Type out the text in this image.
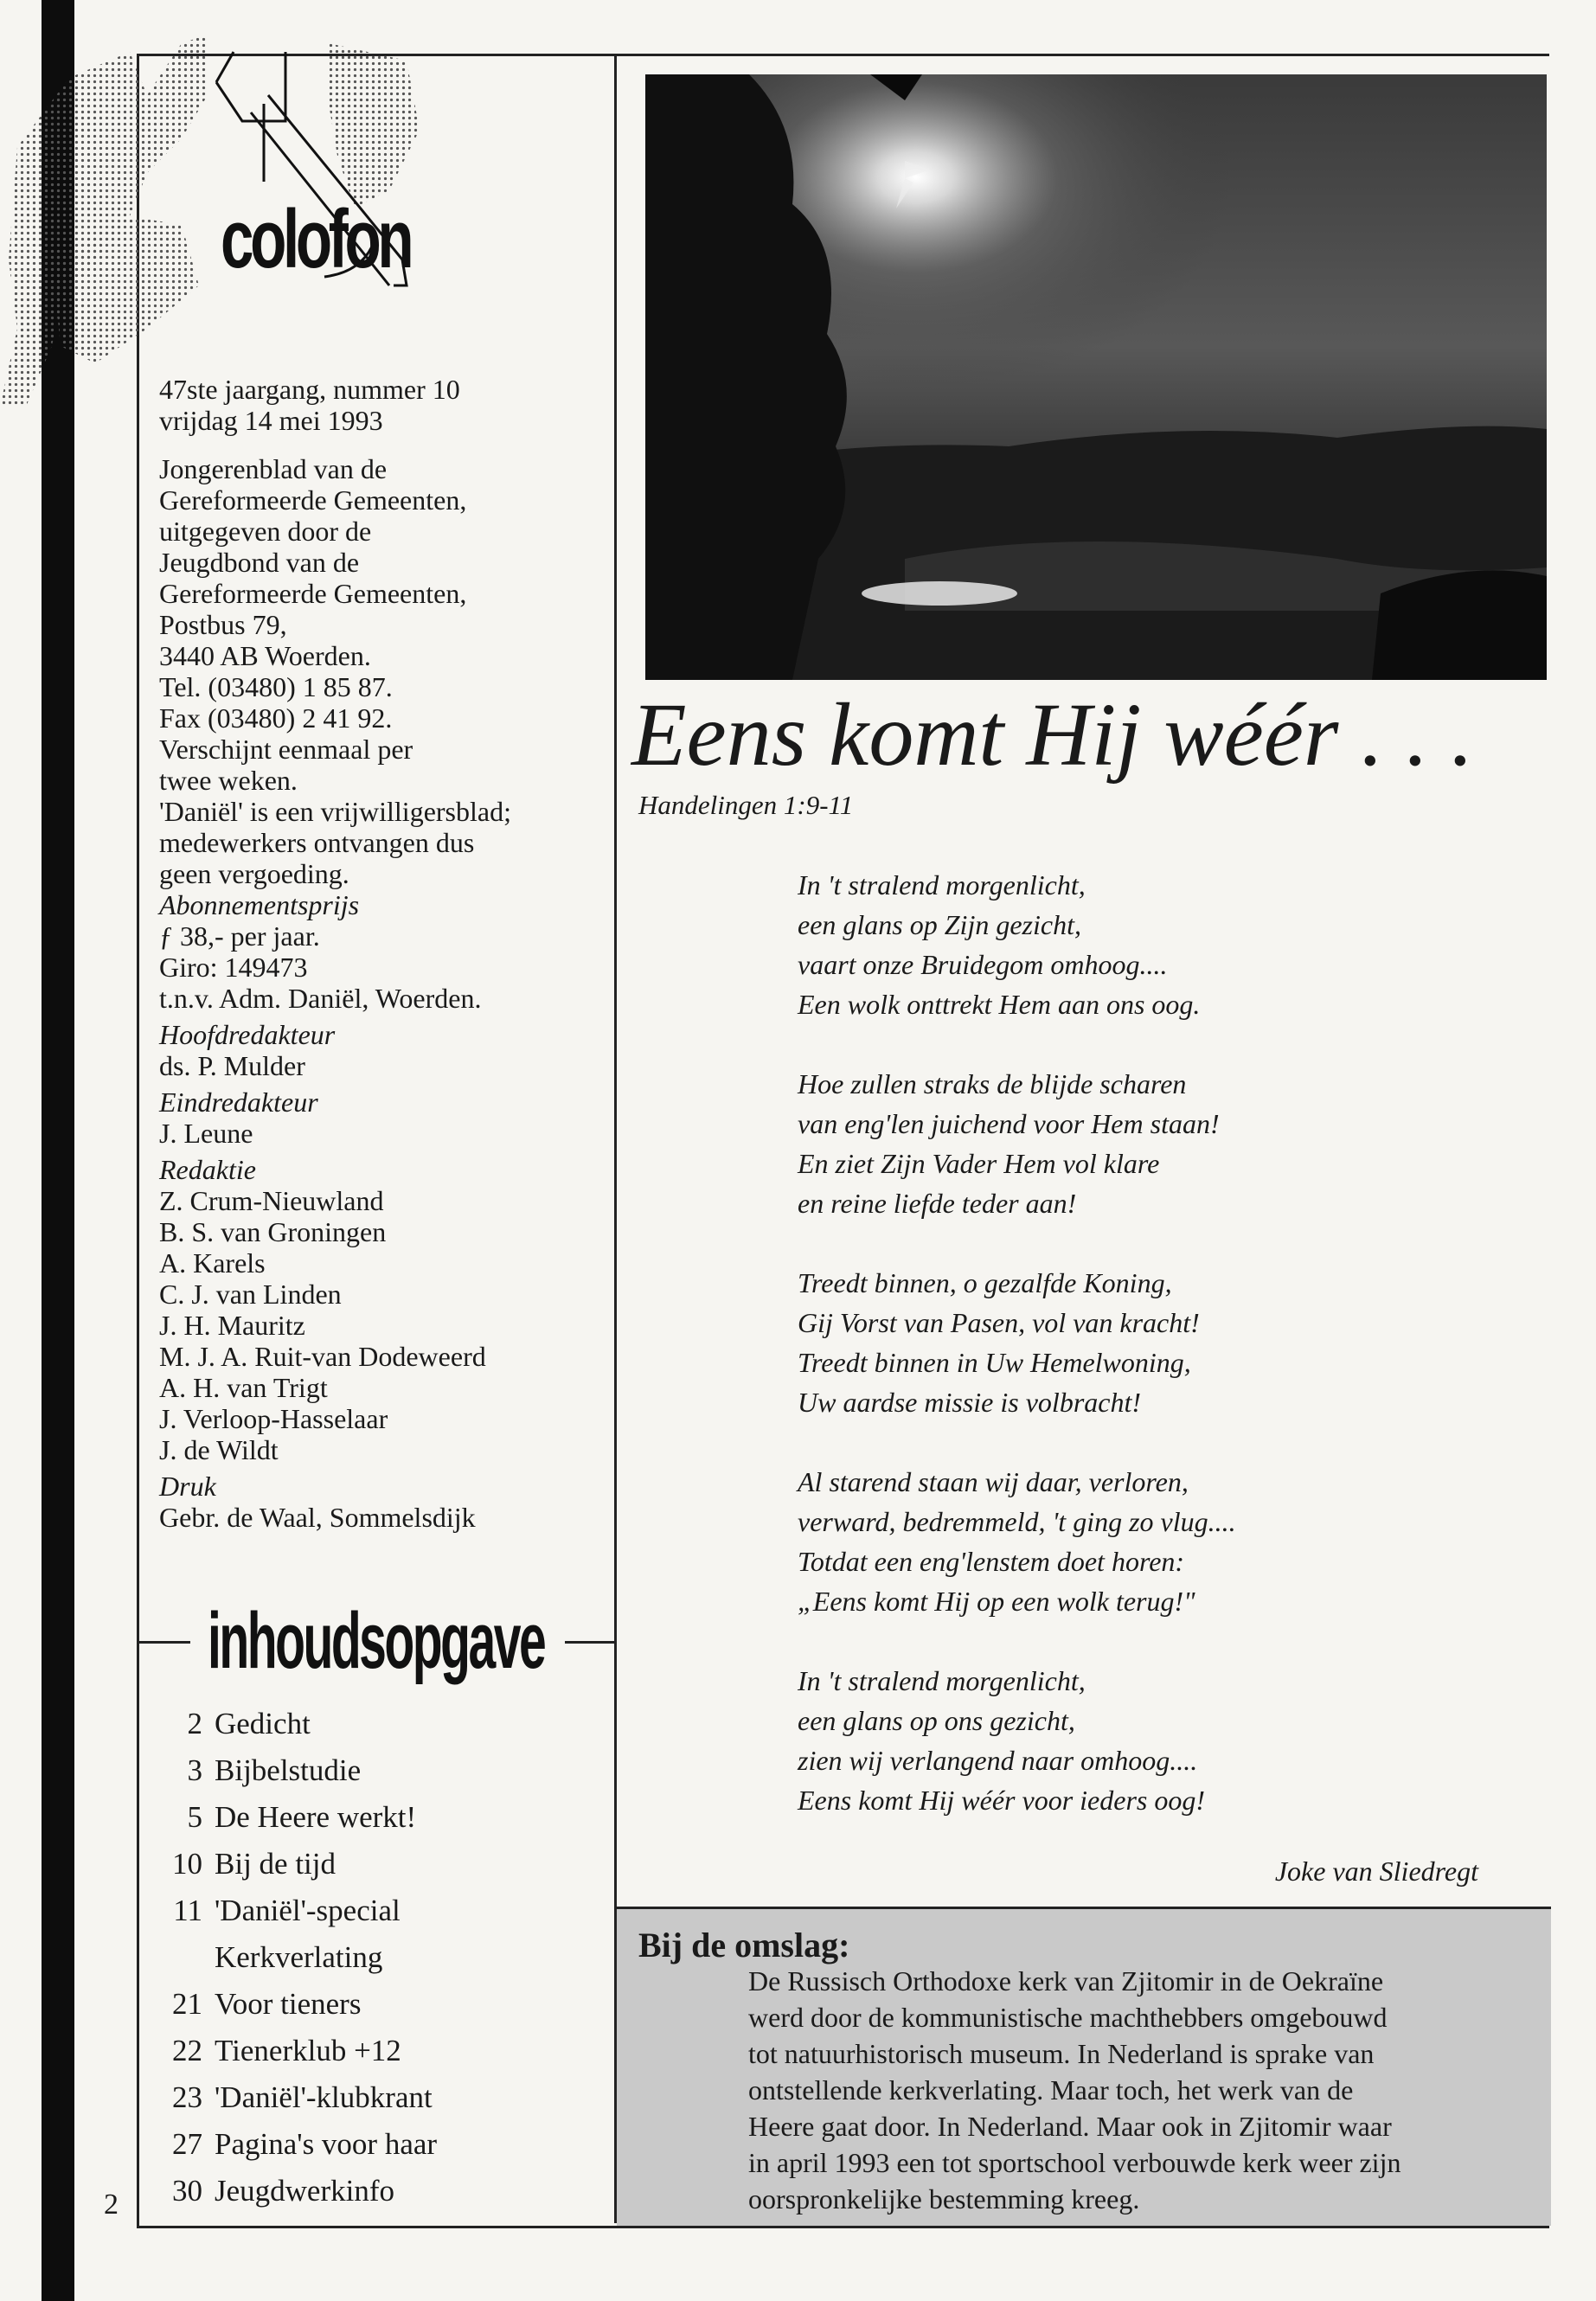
colofon

47ste jaargang, nummer 10

vrijdag 14 mei 1993

Jongerenblad van de

Gereformeerde Gemeenten,

uitgegeven door de

Jeugdbond van de

Gereformeerde Gemeenten,

Postbus 79,

3440 AB Woerden.

Tel. (03480) 1 85 87.

Fax (03480) 2 41 92.

Verschijnt eenmaal per

twee weken.

'Daniël' is een vrijwilligersblad;

medewerkers ontvangen dus

geen vergoeding.

Abonnementsprijs

ƒ 38,- per jaar.

Giro: 149473

t.n.v. Adm. Daniël, Woerden.

Hoofdredakteur

ds. P. Mulder

Eindredakteur

J. Leune

Redaktie

Z. Crum-Nieuwland

B. S. van Groningen

A. Karels

C. J. van Linden

J. H. Mauritz

M. J. A. Ruit-van Dodeweerd

A. H. van Trigt

J. Verloop-Hasselaar

J. de Wildt

Druk

Gebr. de Waal, Sommelsdijk

inhoudsopgave
2 Gedicht
3 Bijbelstudie
5 De Heere werkt!
10 Bij de tijd
11 'Daniël'-special
Kerkverlating
21 Voor tieners
22 Tienerklub +12
23 'Daniël'-klubkrant
27 Pagina's voor haar
30 Jeugdwerkinfo
2
Eens komt Hij wéér . . .
Handelingen 1:9-11
In 't stralend morgenlicht,
een glans op Zijn gezicht,
vaart onze Bruidegom omhoog....
Een wolk onttrekt Hem aan ons oog.
Hoe zullen straks de blijde scharen
van eng'len juichend voor Hem staan!
En ziet Zijn Vader Hem vol klare
en reine liefde teder aan!
Treedt binnen, o gezalfde Koning,
Gij Vorst van Pasen, vol van kracht!
Treedt binnen in Uw Hemelwoning,
Uw aardse missie is volbracht!
Al starend staan wij daar, verloren,
verward, bedremmeld, 't ging zo vlug....
Totdat een eng'lenstem doet horen:
„Eens komt Hij op een wolk terug!"
In 't stralend morgenlicht,
een glans op ons gezicht,
zien wij verlangend naar omhoog....
Eens komt Hij wéér voor ieders oog!
Joke van Sliedregt
Bij de omslag:

De Russisch Orthodoxe kerk van Zjitomir in de Oekraïne

werd door de kommunistische machthebbers omgebouwd

tot natuurhistorisch museum. In Nederland is sprake van

ontstellende kerkverlating. Maar toch, het werk van de

Heere gaat door. In Nederland. Maar ook in Zjitomir waar

in april 1993 een tot sportschool verbouwde kerk weer zijn

oorspronkelijke bestemming kreeg.
